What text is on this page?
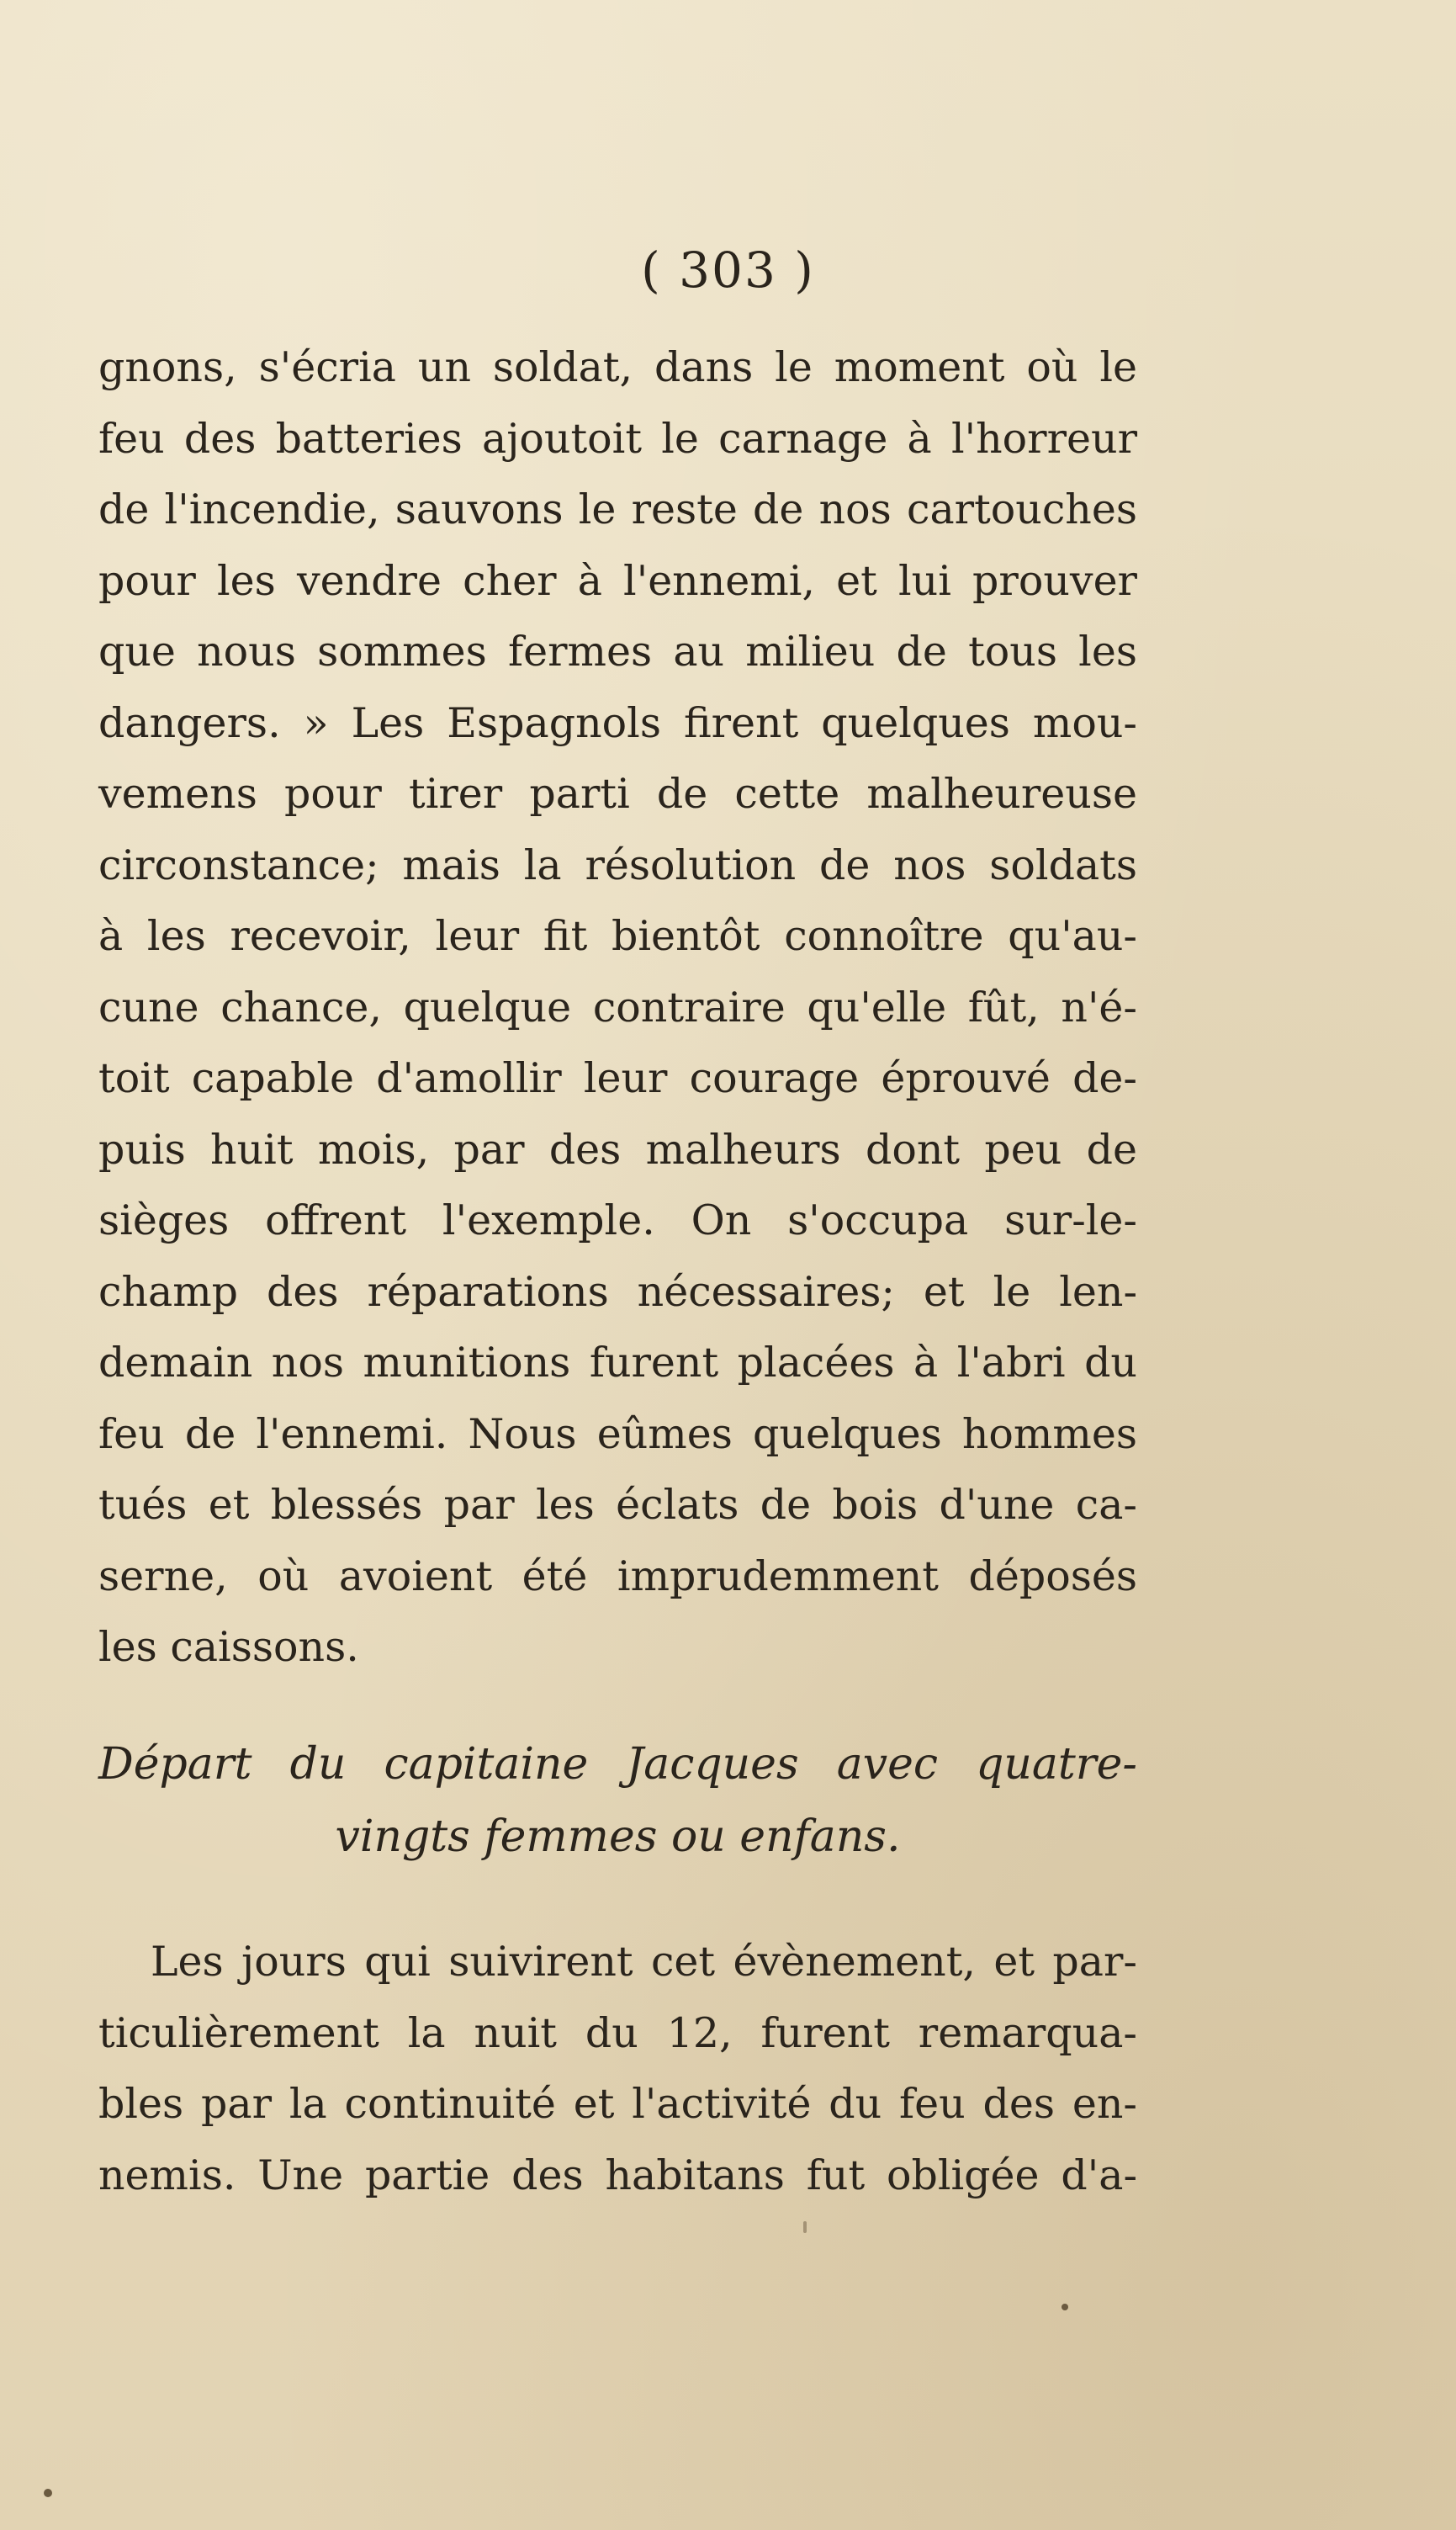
( 303 )

gnons, s'écria un soldat, dans le moment où le
feu des batteries ajoutoit le carnage à l'horreur
de l'incendie, sauvons le reste de nos cartouches
pour les vendre cher à l'ennemi, et lui prouver
que nous sommes fermes au milieu de tous les
dangers. » Les Espagnols firent quelques mou-
vemens pour tirer parti de cette malheureuse
circonstance; mais la résolution de nos soldats
à les recevoir, leur fit bientôt connoître qu'au-
cune chance, quelque contraire qu'elle fût, n'é-
toit capable d'amollir leur courage éprouvé de-
puis huit mois, par des malheurs dont peu de
sièges offrent l'exemple. On s'occupa sur-le-
champ des réparations nécessaires; et le len-
demain nos munitions furent placées à l'abri du
feu de l'ennemi. Nous eûmes quelques hommes
tués et blessés par les éclats de bois d'une ca-
serne, où avoient été imprudemment déposés
les caissons.

Départ du capitaine Jacques avec quatre-
vingts femmes ou enfans.

Les jours qui suivirent cet évènement, et par-
ticulièrement la nuit du 12, furent remarqua-
bles par la continuité et l'activité du feu des en-
nemis. Une partie des habitans fut obligée d'a-
